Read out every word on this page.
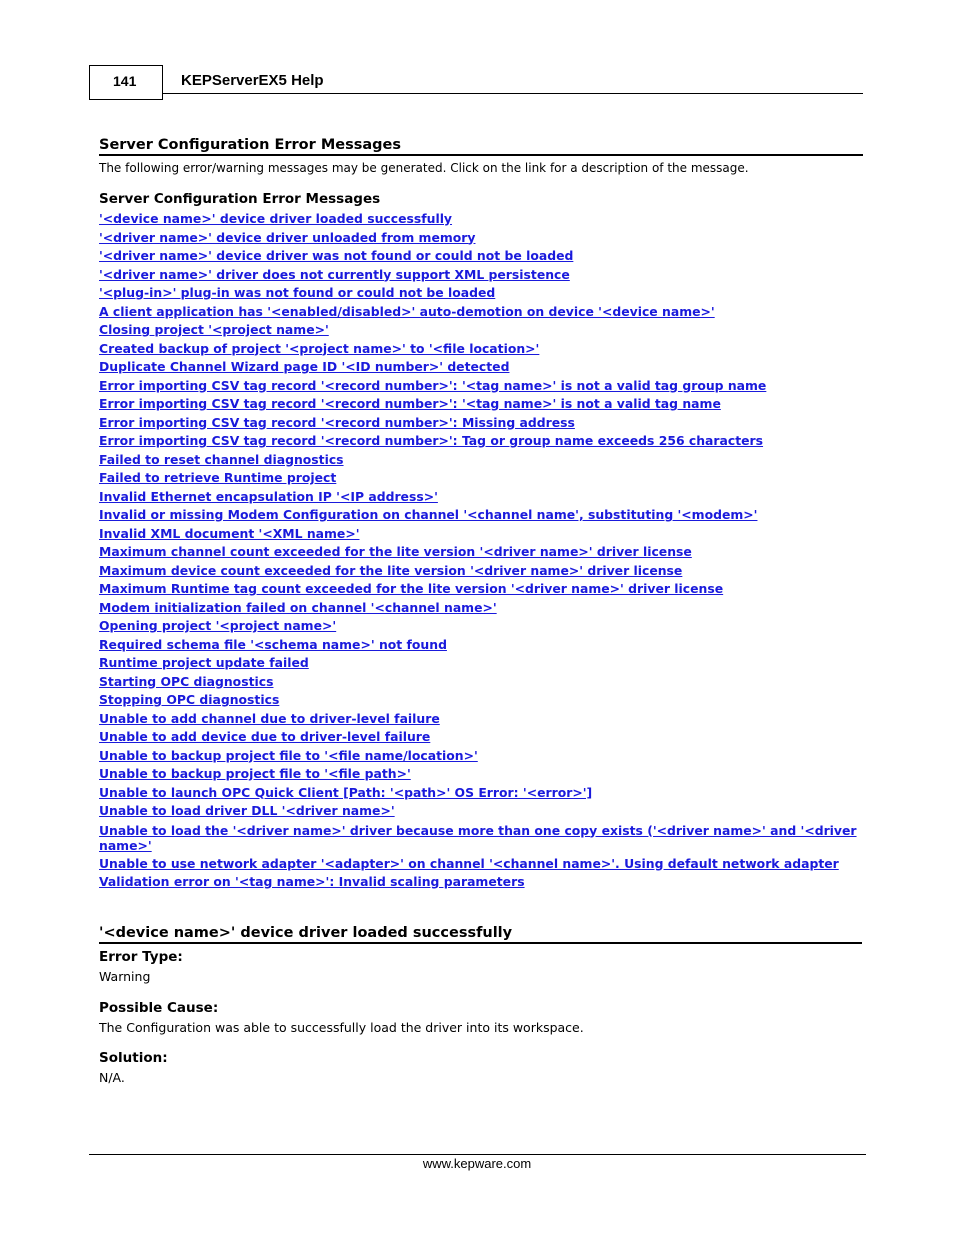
141	KEPServerEX5 Help
Server Configuration Error Messages
The following error/warning messages may be generated. Click on the link for a description of the message.
Server Configuration Error Messages
'<device name>' device driver loaded successfully
'<driver name>' device driver unloaded from memory
'<driver name>' device driver was not found or could not be loaded
'<driver name>' driver does not currently support XML persistence
'<plug-in>' plug-in was not found or could not be loaded
A client application has '<enabled/disabled>' auto-demotion on device '<device name>'
Closing project '<project name>'
Created backup of project '<project name>' to '<file location>'
Duplicate Channel Wizard page ID '<ID number>' detected
Error importing CSV tag record '<record number>': '<tag name>' is not a valid tag group name
Error importing CSV tag record '<record number>': '<tag name>' is not a valid tag name
Error importing CSV tag record '<record number>': Missing address
Error importing CSV tag record '<record number>': Tag or group name exceeds 256 characters
Failed to reset channel diagnostics
Failed to retrieve Runtime project
Invalid Ethernet encapsulation IP '<IP address>'
Invalid or missing Modem Configuration on channel '<channel name', substituting '<modem>'
Invalid XML document '<XML name>'
Maximum channel count exceeded for the lite version '<driver name>' driver license
Maximum device count exceeded for the lite version '<driver name>' driver license
Maximum Runtime tag count exceeded for the lite version '<driver name>' driver license
Modem initialization failed on channel '<channel name>'
Opening project '<project name>'
Required schema file '<schema name>' not found
Runtime project update failed
Starting OPC diagnostics
Stopping OPC diagnostics
Unable to add channel due to driver-level failure
Unable to add device due to driver-level failure
Unable to backup project file to '<file name/location>'
Unable to backup project file to '<file path>'
Unable to launch OPC Quick Client [Path: '<path>' OS Error: '<error>']
Unable to load driver DLL '<driver name>'
Unable to load the '<driver name>' driver because more than one copy exists ('<driver name>' and '<driver name>'
Unable to use network adapter '<adapter>' on channel '<channel name>'. Using default network adapter
Validation error on '<tag name>': Invalid scaling parameters
'<device name>' device driver loaded successfully
Error Type:
Warning
Possible Cause:
The Configuration was able to successfully load the driver into its workspace.
Solution:
N/A.
www.kepware.com
